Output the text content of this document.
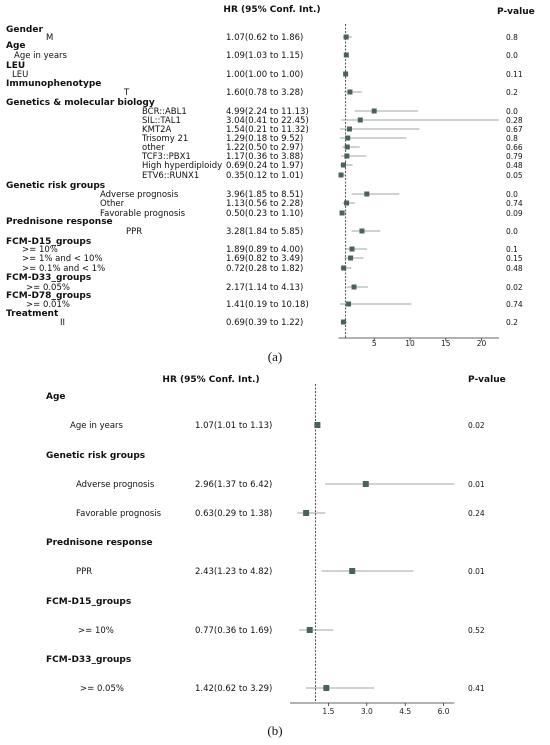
HR (95% Conf. Int.)	P-value
5	10	15	20
Gender
M	1.07(0.62 to 1.86)	0.8
Age
Age in years	1.09(1.03 to 1.15)	0.0
LEU
LEU	1.00(1.00 to 1.00)	0.11
Immunophenotype
T	1.60(0.78 to 3.28)	0.2
Genetics & molecular biology
BCR::ABL1	4.99(2.24 to 11.13)	0.0
SIL::TAL1	3.04(0.41 to 22.45)	0.28
KMT2A	1.54(0.21 to 11.32)	0.67
Trisomy 21	1.29(0.18 to 9.52)	0.8
other	1.22(0.50 to 2.97)	0.66
TCF3::PBX1	1.17(0.36 to 3.88)	0.79
High hyperdiploidy 0.69(0.24 to 1.97)	0.48
ETV6::RUNX1	0.35(0.12 to 1.01)	0.05
Genetic risk groups
Adverse prognosis	3.96(1.85 to 8.51)	0.0
Other	1.13(0.56 to 2.28)	0.74
Favorable prognosis	0.50(0.23 to 1.10)	0.09
Prednisone response
PPR	3.28(1.84 to 5.85)	0.0
FCM-D15_groups
>= 10%	1.89(0.89 to 4.00)	0.1
>= 1% and < 10%	1.69(0.82 to 3.49)	0.15
>= 0.1% and < 1%	0.72(0.28 to 1.82)	0.48
FCM-D33_groups
>= 0.05%	2.17(1.14 to 4.13)	0.02
FCM-D78_groups
>= 0.01%	1.41(0.19 to 10.18)	0.74
Treatment
II	0.69(0.39 to 1.22)	0.2
(a)
HR (95% Conf. Int.)	P-value
1.5	3.0	4.5	6.0
Age
Age in years	1.07(1.01 to 1.13)	0.02
Genetic risk groups
Adverse prognosis	2.96(1.37 to 6.42)	0.01
Favorable prognosis	0.63(0.29 to 1.38)	0.24
Prednisone response
PPR	2.43(1.23 to 4.82)	0.01
FCM-D15_groups
>= 10%	0.77(0.36 to 1.69)	0.52
FCM-D33_groups
>= 0.05%	1.42(0.62 to 3.29)	0.41
(b)
